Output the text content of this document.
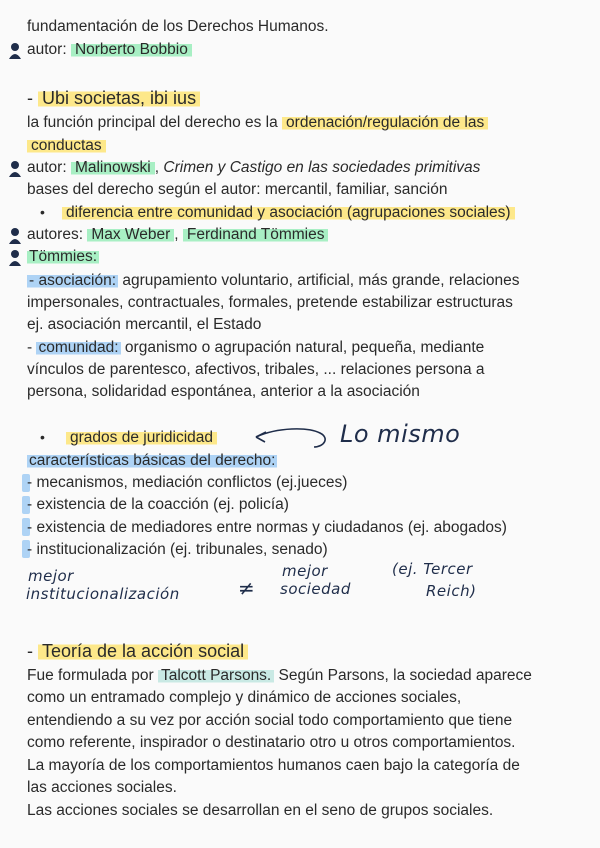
fundamentación de los Derechos Humanos.
autor: Norberto Bobbio
- Ubi societas, ibi ius
la función principal del derecho es la ordenación/regulación de las
conductas
autor: Malinowski , Crimen y Castigo en las sociedades primitivas
bases del derecho según el autor: mercantil, familiar, sanción
• diferencia entre comunidad y asociación (agrupaciones sociales)
autores: Max Weber , Ferdinand Tömmies
Tömmies:
- asociación: agrupamiento voluntario, artificial, más grande, relaciones
impersonales, contractuales, formales, pretende estabilizar estructuras
ej. asociación mercantil, el Estado
- comunidad: organismo o agrupación natural, pequeña, mediante
vínculos de parentesco, afectivos, tribales, ... relaciones persona a
persona, solidaridad espontánea, anterior a la asociación
• grados de juridicidad	Lo mismo
características básicas del derecho:
- mecanismos, mediación conflictos (ej.jueces)
- existencia de la coacción (ej. policía)
- existencia de mediadores entre normas y ciudadanos (ej. abogados)
- institucionalización (ej. tribunales, senado)
mejor
institucionalización	≠
mejor
sociedad
(ej. Tercer
Reich)
- Teoría de la acción social
Fue formulada por Talcott Parsons. Según Parsons, la sociedad aparece
como un entramado complejo y dinámico de acciones sociales,
entendiendo a su vez por acción social todo comportamiento que tiene
como referente, inspirador o destinatario otro u otros comportamientos.
La mayoría de los comportamientos humanos caen bajo la categoría de
las acciones sociales.
Las acciones sociales se desarrollan en el seno de grupos sociales.
